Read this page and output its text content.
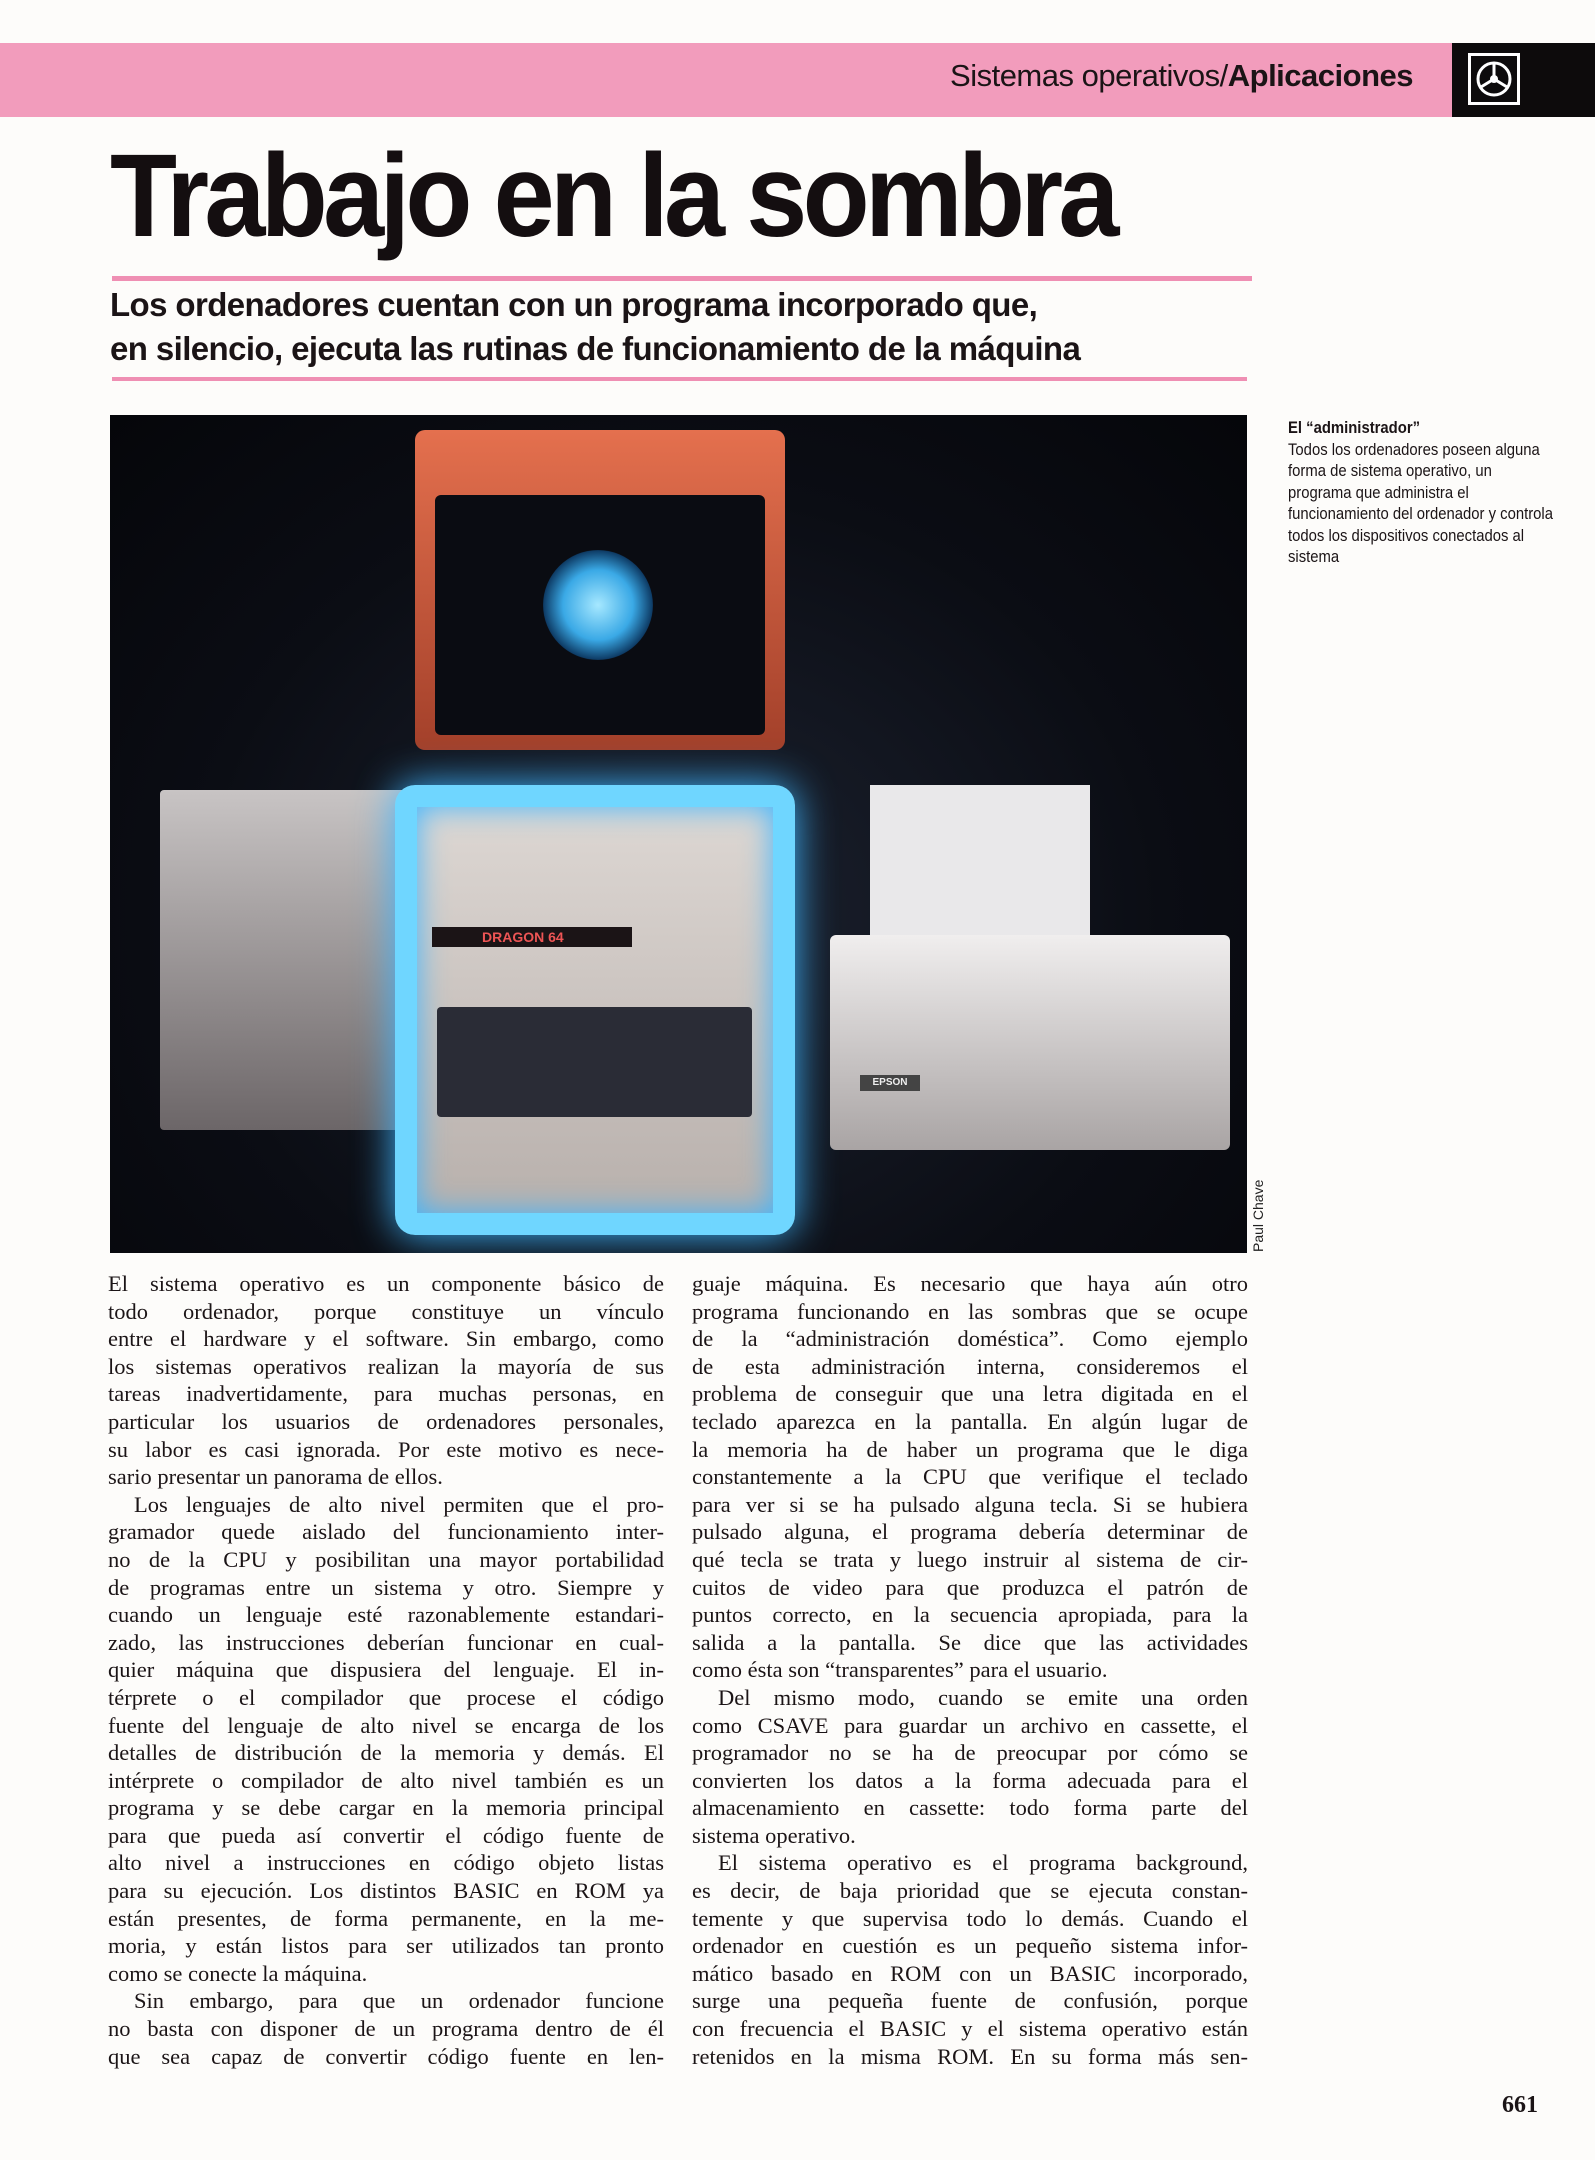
Sistemas operativos/Aplicaciones
Trabajo en la sombra
Los ordenadores cuentan con un programa incorporado que,
en silencio, ejecuta las rutinas de funcionamiento de la máquina
DRAGON 64
EPSON
Paul Chave
El “administrador”
Todos los ordenadores poseen alguna forma de sistema operativo, un programa que administra el funcionamiento del ordenador y controla todos los dispositivos conectados al sistema
El sistema operativo es un componente básico de
todo ordenador, porque constituye un vínculo
entre el hardware y el software. Sin embargo, como
los sistemas operativos realizan la mayoría de sus
tareas inadvertidamente, para muchas personas, en
particular los usuarios de ordenadores personales,
su labor es casi ignorada. Por este motivo es nece-
sario presentar un panorama de ellos.
Los lenguajes de alto nivel permiten que el pro-
gramador quede aislado del funcionamiento inter-
no de la CPU y posibilitan una mayor portabilidad
de programas entre un sistema y otro. Siempre y
cuando un lenguaje esté razonablemente estandari-
zado, las instrucciones deberían funcionar en cual-
quier máquina que dispusiera del lenguaje. El in-
térprete o el compilador que procese el código
fuente del lenguaje de alto nivel se encarga de los
detalles de distribución de la memoria y demás. El
intérprete o compilador de alto nivel también es un
programa y se debe cargar en la memoria principal
para que pueda así convertir el código fuente de
alto nivel a instrucciones en código objeto listas
para su ejecución. Los distintos BASIC en ROM ya
están presentes, de forma permanente, en la me-
moria, y están listos para ser utilizados tan pronto
como se conecte la máquina.
Sin embargo, para que un ordenador funcione
no basta con disponer de un programa dentro de él
que sea capaz de convertir código fuente en len-
guaje máquina. Es necesario que haya aún otro
programa funcionando en las sombras que se ocupe
de la “administración doméstica”. Como ejemplo
de esta administración interna, consideremos el
problema de conseguir que una letra digitada en el
teclado aparezca en la pantalla. En algún lugar de
la memoria ha de haber un programa que le diga
constantemente a la CPU que verifique el teclado
para ver si se ha pulsado alguna tecla. Si se hubiera
pulsado alguna, el programa debería determinar de
qué tecla se trata y luego instruir al sistema de cir-
cuitos de video para que produzca el patrón de
puntos correcto, en la secuencia apropiada, para la
salida a la pantalla. Se dice que las actividades
como ésta son “transparentes” para el usuario.
Del mismo modo, cuando se emite una orden
como CSAVE para guardar un archivo en cassette, el
programador no se ha de preocupar por cómo se
convierten los datos a la forma adecuada para el
almacenamiento en cassette: todo forma parte del
sistema operativo.
El sistema operativo es el programa background,
es decir, de baja prioridad que se ejecuta constan-
temente y que supervisa todo lo demás. Cuando el
ordenador en cuestión es un pequeño sistema infor-
mático basado en ROM con un BASIC incorporado,
surge una pequeña fuente de confusión, porque
con frecuencia el BASIC y el sistema operativo están
retenidos en la misma ROM. En su forma más sen-
661
